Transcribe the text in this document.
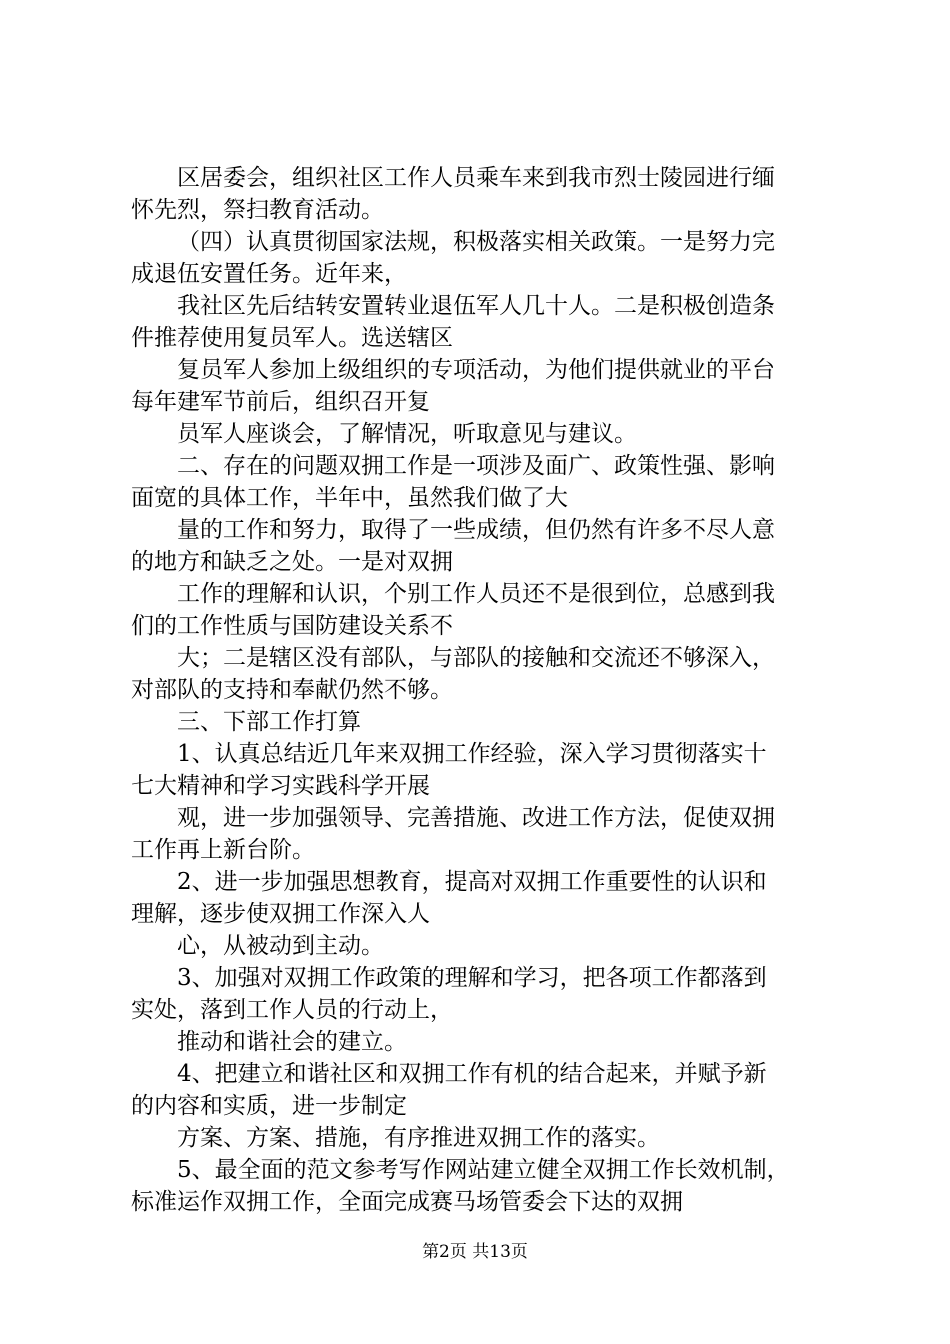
区居委会，组织社区工作人员乘车来到我市烈士陵园进行缅
怀先烈，祭扫教育活动。
（四）认真贯彻国家法规，积极落实相关政策。一是努力完
成退伍安置任务。近年来，
我社区先后结转安置转业退伍军人几十人。二是积极创造条
件推荐使用复员军人。选送辖区
复员军人参加上级组织的专项活动，为他们提供就业的平台
每年建军节前后，组织召开复
员军人座谈会，了解情况，听取意见与建议。
二、存在的问题双拥工作是一项涉及面广、政策性强、影响
面宽的具体工作，半年中，虽然我们做了大
量的工作和努力，取得了一些成绩，但仍然有许多不尽人意
的地方和缺乏之处。一是对双拥
工作的理解和认识，个别工作人员还不是很到位，总感到我
们的工作性质与国防建设关系不
大；二是辖区没有部队，与部队的接触和交流还不够深入，
对部队的支持和奉献仍然不够。
三、下部工作打算
1、认真总结近几年来双拥工作经验，深入学习贯彻落实十
七大精神和学习实践科学开展
观，进一步加强领导、完善措施、改进工作方法，促使双拥
工作再上新台阶。
2、进一步加强思想教育，提高对双拥工作重要性的认识和
理解，逐步使双拥工作深入人
心，从被动到主动。
3、加强对双拥工作政策的理解和学习，把各项工作都落到
实处，落到工作人员的行动上，
推动和谐社会的建立。
4、把建立和谐社区和双拥工作有机的结合起来，并赋予新
的内容和实质，进一步制定
方案、方案、措施，有序推进双拥工作的落实。
5、最全面的范文参考写作网站建立健全双拥工作长效机制，
标准运作双拥工作，全面完成赛马场管委会下达的双拥
第2页 共13页
